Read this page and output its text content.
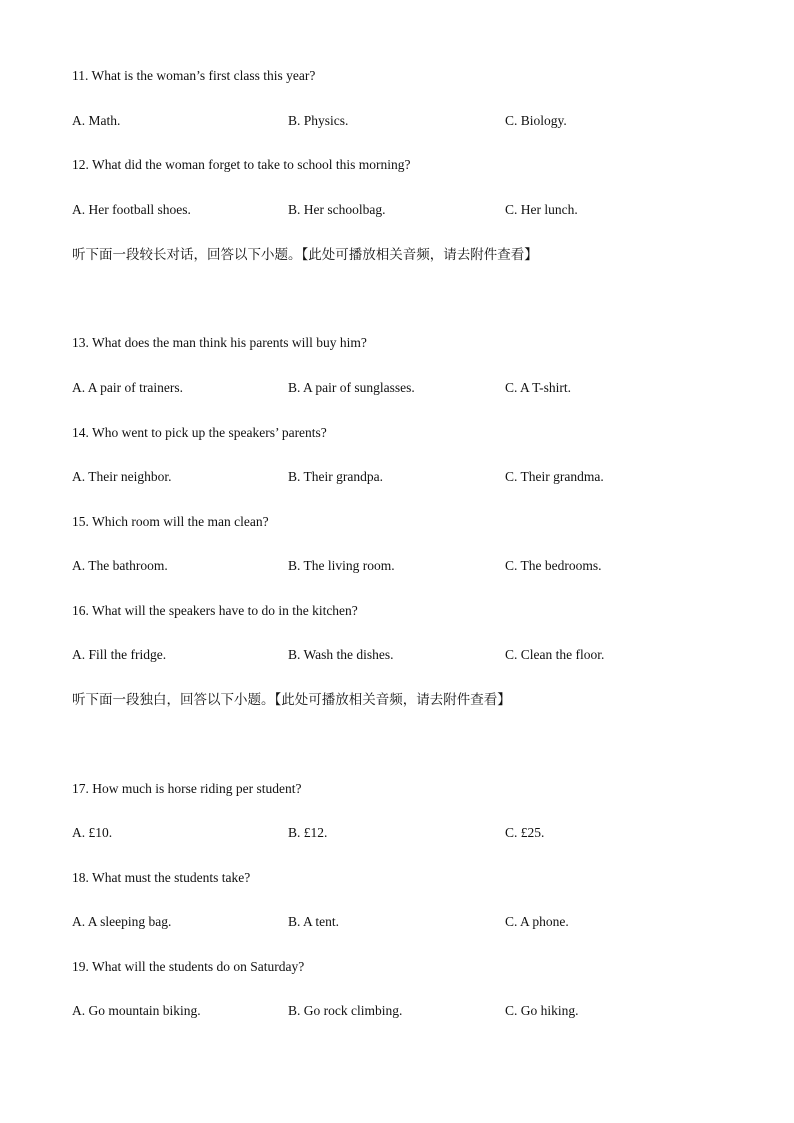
11. What is the woman’s first class this year?
A. Math.	B. Physics.	C. Biology.
12. What did the woman forget to take to school this morning?
A. Her football shoes.	B. Her schoolbag.	C. Her lunch.
听下面一段较长对话，回答以下小题。【此处可播放相关音频，请去附件查看】
13. What does the man think his parents will buy him?
A. A pair of trainers.	B. A pair of sunglasses.	C. A T-shirt.
14. Who went to pick up the speakers’ parents?
A. Their neighbor.	B. Their grandpa.	C. Their grandma.
15. Which room will the man clean?
A. The bathroom.	B. The living room.	C. The bedrooms.
16. What will the speakers have to do in the kitchen?
A. Fill the fridge.	B. Wash the dishes.	C. Clean the floor.
听下面一段独白，回答以下小题。【此处可播放相关音频，请去附件查看】
17. How much is horse riding per student?
A. £10.	B. £12.	C. £25.
18. What must the students take?
A. A sleeping bag.	B. A tent.	C. A phone.
19. What will the students do on Saturday?
A. Go mountain biking.	B. Go rock climbing.	C. Go hiking.
